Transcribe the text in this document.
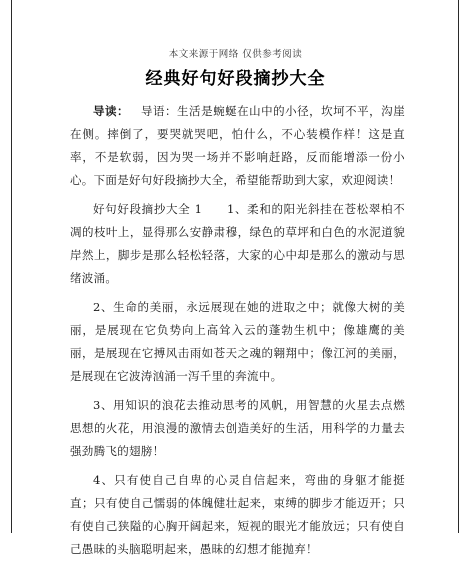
本文来源于网络 仅供参考阅读
经典好句好段摘抄大全

导读： 导语：生活是蜿蜒在山中的小径，坎坷不平，沟崖在侧。摔倒了，要哭就哭吧，怕什么，不心装模作样！这是直率，不是软弱，因为哭一场并不影响赶路，反而能增添一份小心。下面是好句好段摘抄大全，希望能帮助到大家，欢迎阅读！

好句好段摘抄大全 1　　1、柔和的阳光斜挂在苍松翠柏不凋的枝叶上，显得那么安静肃穆，绿色的草坪和白色的水泥道貌岸然上，脚步是那么轻松轻落，大家的心中却是那么的激动与思绪波涌。

2、生命的美丽，永远展现在她的进取之中；就像大树的美丽，是展现在它负势向上高耸入云的蓬勃生机中；像雄鹰的美丽，是展现在它搏风击雨如苍天之魂的翱翔中；像江河的美丽，是展现在它波涛汹涌一泻千里的奔流中。

3、用知识的浪花去推动思考的风帆，用智慧的火星去点燃思想的火花，用浪漫的激情去创造美好的生活，用科学的力量去强劲腾飞的翅膀！

4、只有使自己自卑的心灵自信起来，弯曲的身躯才能挺直；只有使自己懦弱的体魄健壮起来，束缚的脚步才能迈开；只有使自己狭隘的心胸开阔起来，短视的眼光才能放远；只有使自己愚昧的头脑聪明起来，愚昧的幻想才能抛弃！
